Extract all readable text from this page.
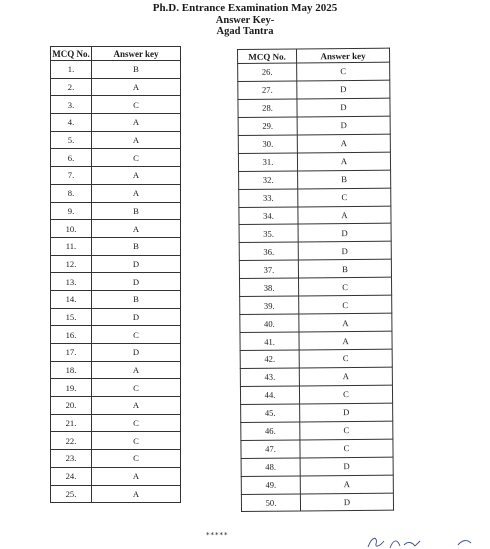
Ph.D. Entrance Examination May 2025
Answer Key-
Agad Tantra
MCQ No.	Answer key
1.	B
2.	A
3.	C
4.	A
5.	A
6.	C
7.	A
8.	A
9.	B
10.	A
11.	B
12.	D
13.	D
14.	B
15.	D
16.	C
17.	D
18.	A
19.	C
20.	A
21.	C
22.	C
23.	C
24.	A
25.	A
MCQ No.	Answer key
26.	C
27.	D
28.	D
29.	D
30.	A
31.	A
32.	B
33.	C
34.	A
35.	D
36.	D
37.	B
38.	C
39.	C
40.	A
41.	A
42.	C
43.	A
44.	C
45.	D
46.	C
47.	C
48.	D
49.	A
50.	D
*****
